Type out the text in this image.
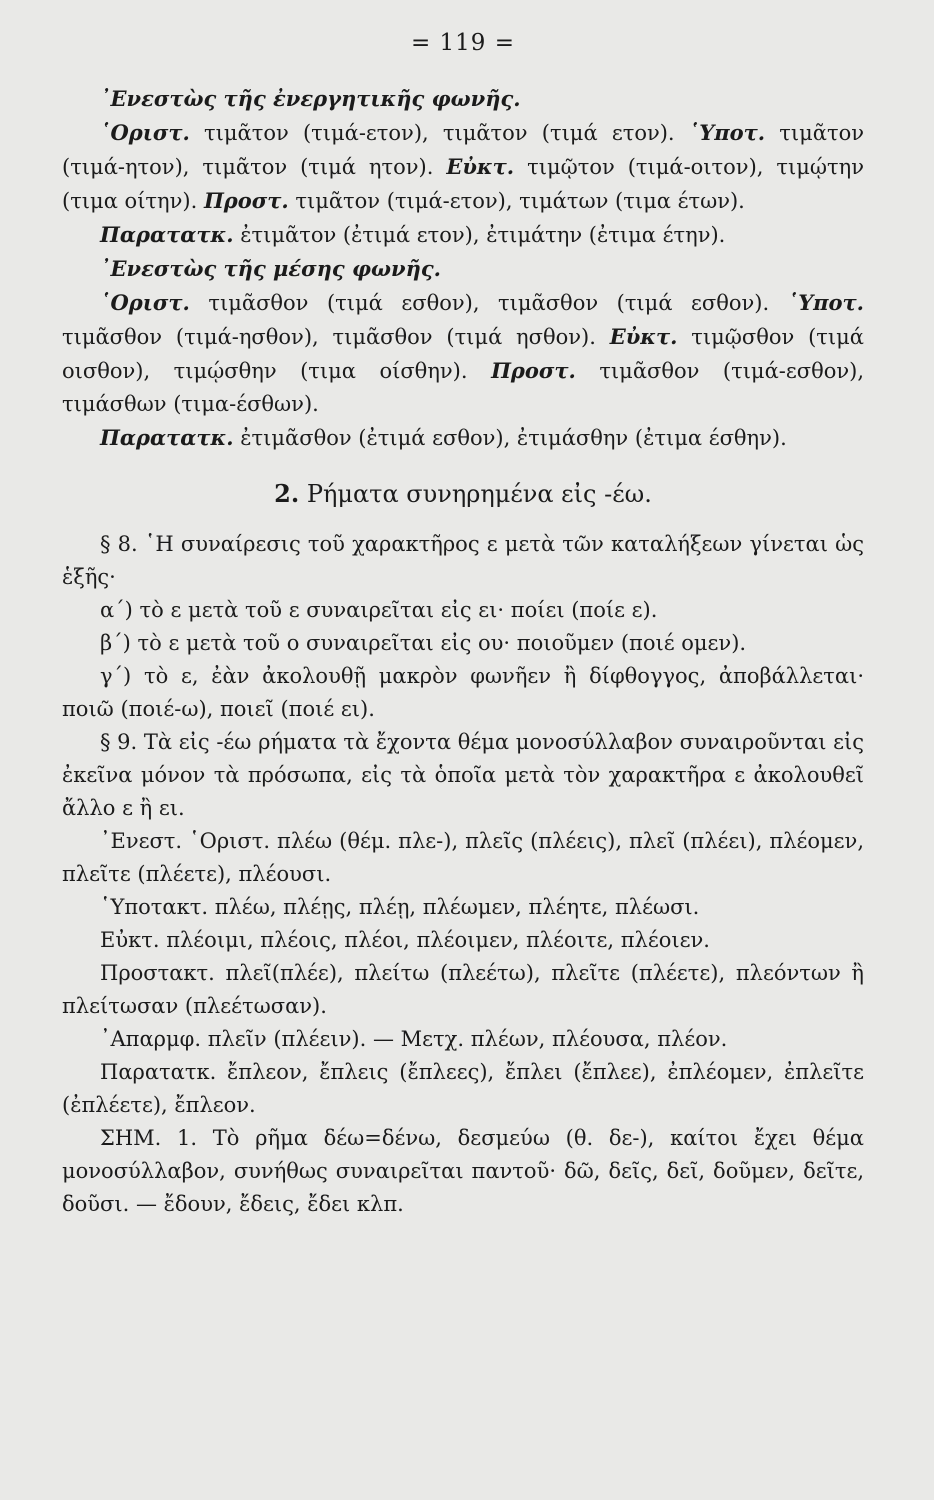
= 119 =

᾿Ενεστὼς τῆς ἐνεργητικῆς φωνῆς.

῾Οριστ. τιμᾶτον (τιμά-ετον), τιμᾶτον (τιμά ετον). ῾Υποτ. τιμᾶτον (τιμά-ητον), τιμᾶτον (τιμά ητον). Εὐκτ. τιμῷτον (τιμά-οιτον), τιμῴτην (τιμα οίτην). Προστ. τιμᾶτον (τιμά-ετον), τιμάτων (τιμα έτων).

Παρατατκ. ἐτιμᾶτον (ἐτιμά ετον), ἐτιμάτην (ἐτιμα έτην).

᾿Ενεστὼς τῆς μέσης φωνῆς.

῾Οριστ. τιμᾶσθον (τιμά εσθον), τιμᾶσθον (τιμά εσθον). ῾Υποτ. τιμᾶσθον (τιμά-ησθον), τιμᾶσθον (τιμά ησθον). Εὐκτ. τιμῷσθον (τιμά οισθον), τιμῴσθην (τιμα οίσθην). Προστ. τιμᾶσθον (τιμά-εσθον), τιμάσθων (τιμα-έσθων).

Παρατατκ. ἐτιμᾶσθον (ἐτιμά εσθον), ἐτιμάσθην (ἐτιμα έσθην).

2. Ρήματα συνηρημένα εἰς -έω.

§ 8. ῾Η συναίρεσις τοῦ χαρακτῆρος ε μετὰ τῶν καταλήξεων γίνεται ὡς ἑξῆς·

α΄) τὸ ε μετὰ τοῦ ε συναιρεῖται εἰς ει· ποίει (ποίε ε).

β΄) τὸ ε μετὰ τοῦ ο συναιρεῖται εἰς ου· ποιοῦμεν (ποιέ ομεν).

γ΄) τὸ ε, ἐὰν ἀκολουθῇ μακρὸν φωνῆεν ἢ δίφθογγος, ἀποβάλλεται· ποιῶ (ποιέ-ω), ποιεῖ (ποιέ ει).

§ 9. Τὰ εἰς -έω ρήματα τὰ ἔχοντα θέμα μονοσύλλαβον συναιροῦνται εἰς ἐκεῖνα μόνον τὰ πρόσωπα, εἰς τὰ ὁποῖα μετὰ τὸν χαρακτῆρα ε ἀκολουθεῖ ἄλλο ε ἢ ει.

᾿Ενεστ. ῾Οριστ. πλέω (θέμ. πλε-), πλεῖς (πλέεις), πλεῖ (πλέει), πλέομεν, πλεῖτε (πλέετε), πλέουσι.

῾Υποτακτ. πλέω, πλέῃς, πλέῃ, πλέωμεν, πλέητε, πλέωσι.

Εὐκτ. πλέοιμι, πλέοις, πλέοι, πλέοιμεν, πλέοιτε, πλέοιεν.

Προστακτ. πλεῖ(πλέε), πλείτω (πλεέτω), πλεῖτε (πλέετε), πλεόντων ἢ πλείτωσαν (πλεέτωσαν).

᾿Απαρμφ. πλεῖν (πλέειν). — Μετχ. πλέων, πλέουσα, πλέον.

Παρατατκ. ἔπλεον, ἔπλεις (ἔπλεες), ἔπλει (ἔπλεε), ἐπλέομεν, ἐπλεῖτε (ἐπλέετε), ἔπλεον.

ΣΗΜ. 1. Τὸ ρῆμα δέω=δένω, δεσμεύω (θ. δε-), καίτοι ἔχει θέμα μονοσύλλαβον, συνήθως συναιρεῖται παντοῦ· δῶ, δεῖς, δεῖ, δοῦμεν, δεῖτε, δοῦσι. — ἔδουν, ἔδεις, ἔδει κλπ.
